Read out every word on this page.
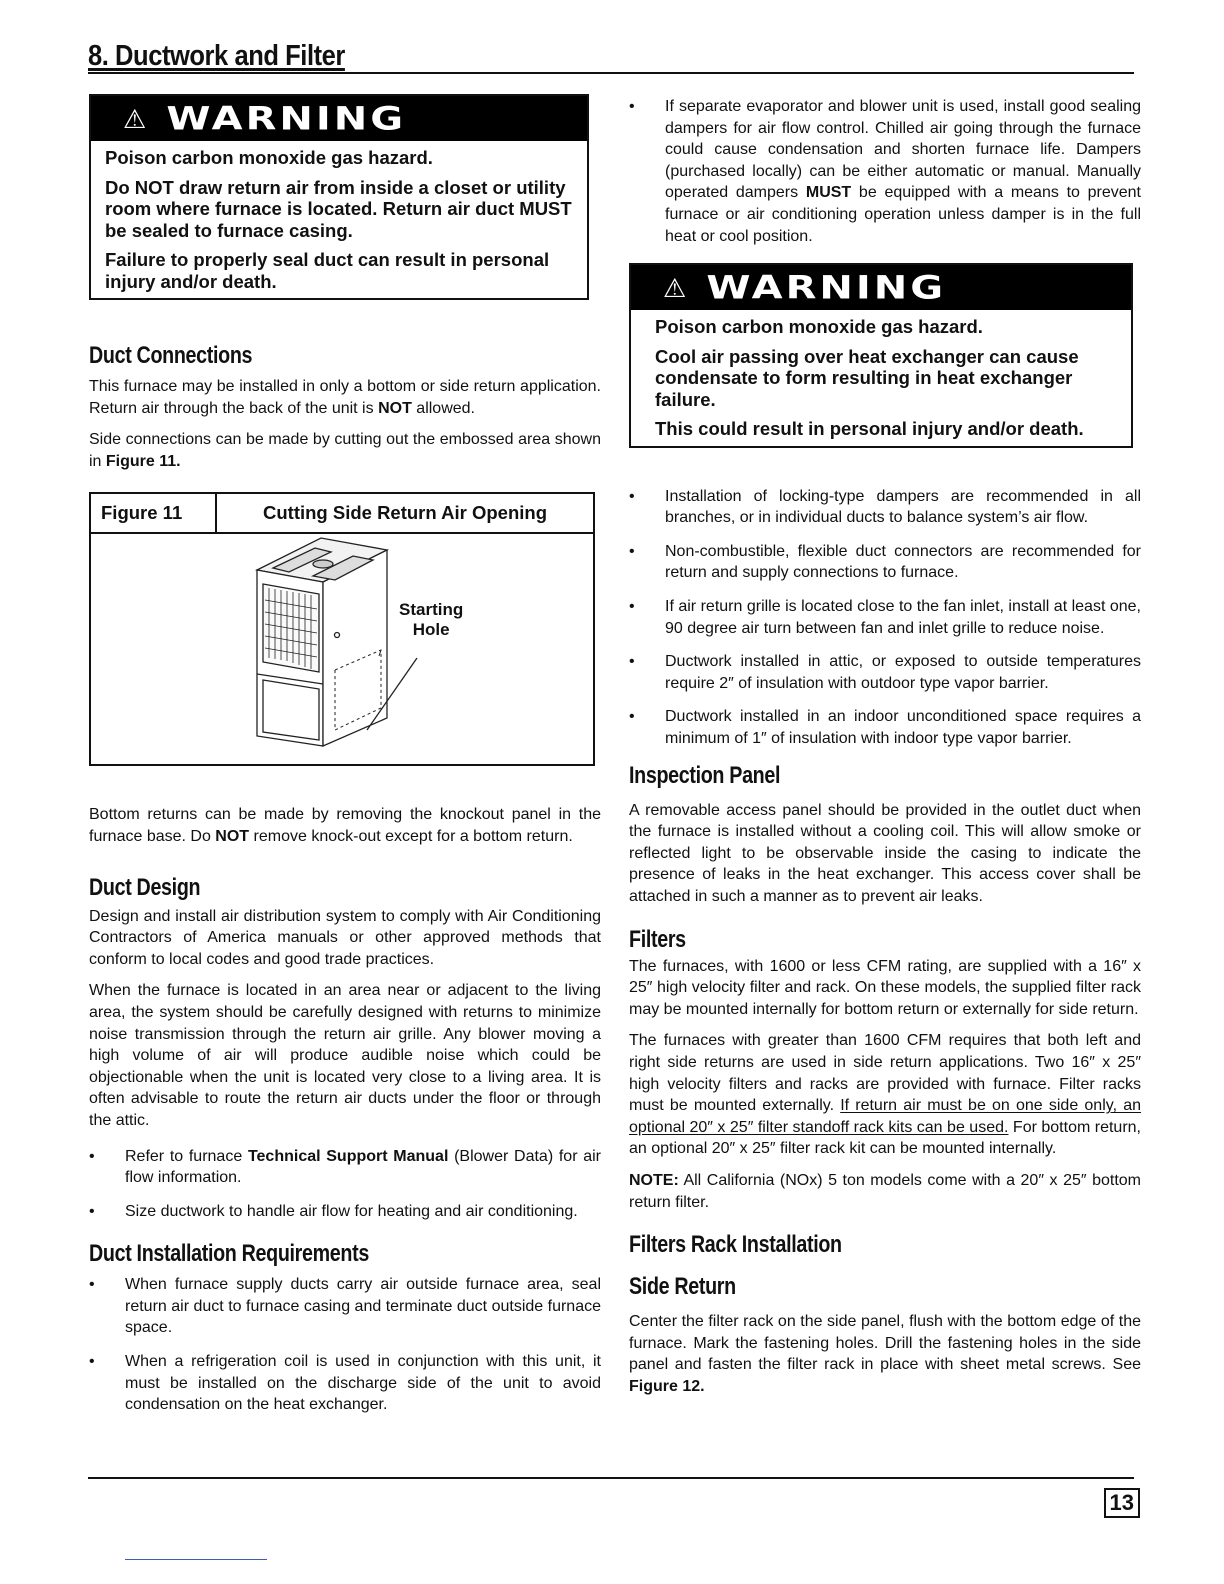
8. Ductwork and Filter
⚠ WARNING

Poison carbon monoxide gas hazard.

Do NOT draw return air from inside a closet or utility room where furnace is located. Return air duct MUST be sealed to furnace casing.

Failure to properly seal duct can result in personal injury and/or death.

Duct Connections

This furnace may be installed in only a bottom or side return application. Return air through the back of the unit is NOT allowed.

Side connections can be made by cutting out the embossed area shown in Figure 11.

Figure 11	Cutting Side Return Air Opening
Starting
Hole

Bottom returns can be made by removing the knockout panel in the furnace base. Do NOT remove knock-out except for a bottom return.

Duct Design

Design and install air distribution system to comply with Air Conditioning Contractors of America manuals or other approved methods that conform to local codes and good trade practices.

When the furnace is located in an area near or adjacent to the living area, the system should be carefully designed with returns to minimize noise transmission through the return air grille. Any blower moving a high volume of air will produce audible noise which could be objectionable when the unit is located very close to a living area. It is often advisable to route the return air ducts under the floor or through the attic.

• Refer to furnace Technical Support Manual (Blower Data) for air flow information.
• Size ductwork to handle air flow for heating and air conditioning.
Duct Installation Requirements
• When furnace supply ducts carry air outside furnace area, seal return air duct to furnace casing and terminate duct outside furnace space.
• When a refrigeration coil is used in conjunction with this unit, it must be installed on the discharge side of the unit to avoid condensation on the heat exchanger.
• If separate evaporator and blower unit is used, install good sealing dampers for air flow control. Chilled air going through the furnace could cause condensation and shorten furnace life. Dampers (purchased locally) can be either automatic or manual. Manually operated dampers MUST be equipped with a means to prevent furnace or air conditioning operation unless damper is in the full heat or cool position.
⚠ WARNING

Poison carbon monoxide gas hazard.

Cool air passing over heat exchanger can cause condensate to form resulting in heat exchanger failure.

This could result in personal injury and/or death.

• Installation of locking-type dampers are recommended in all branches, or in individual ducts to balance system’s air flow.
• Non-combustible, flexible duct connectors are recommended for return and supply connections to furnace.
• If air return grille is located close to the fan inlet, install at least one, 90 degree air turn between fan and inlet grille to reduce noise.
• Ductwork installed in attic, or exposed to outside temperatures require 2″ of insulation with outdoor type vapor barrier.
• Ductwork installed in an indoor unconditioned space requires a minimum of 1″ of insulation with indoor type vapor barrier.
Inspection Panel

A removable access panel should be provided in the outlet duct when the furnace is installed without a cooling coil. This will allow smoke or reflected light to be observable inside the casing to indicate the presence of leaks in the heat exchanger. This access cover shall be attached in such a manner as to prevent air leaks.

Filters

The furnaces, with 1600 or less CFM rating, are supplied with a 16″ x 25″ high velocity filter and rack. On these models, the supplied filter rack may be mounted internally for bottom return or externally for side return.

The furnaces with greater than 1600 CFM requires that both left and right side returns are used in side return applications. Two 16″ x 25″ high velocity filters and racks are provided with furnace. Filter racks must be mounted externally. If return air must be on one side only, an optional 20″ x 25″ filter standoff rack kits can be used. For bottom return, an optional 20″ x 25″ filter rack kit can be mounted internally.

NOTE: All California (NOx) 5 ton models come with a 20″ x 25″ bottom return filter.

Filters Rack Installation
Side Return

Center the filter rack on the side panel, flush with the bottom edge of the furnace. Mark the fastening holes. Drill the fastening holes in the side panel and fasten the filter rack in place with sheet metal screws. See Figure 12.

13
